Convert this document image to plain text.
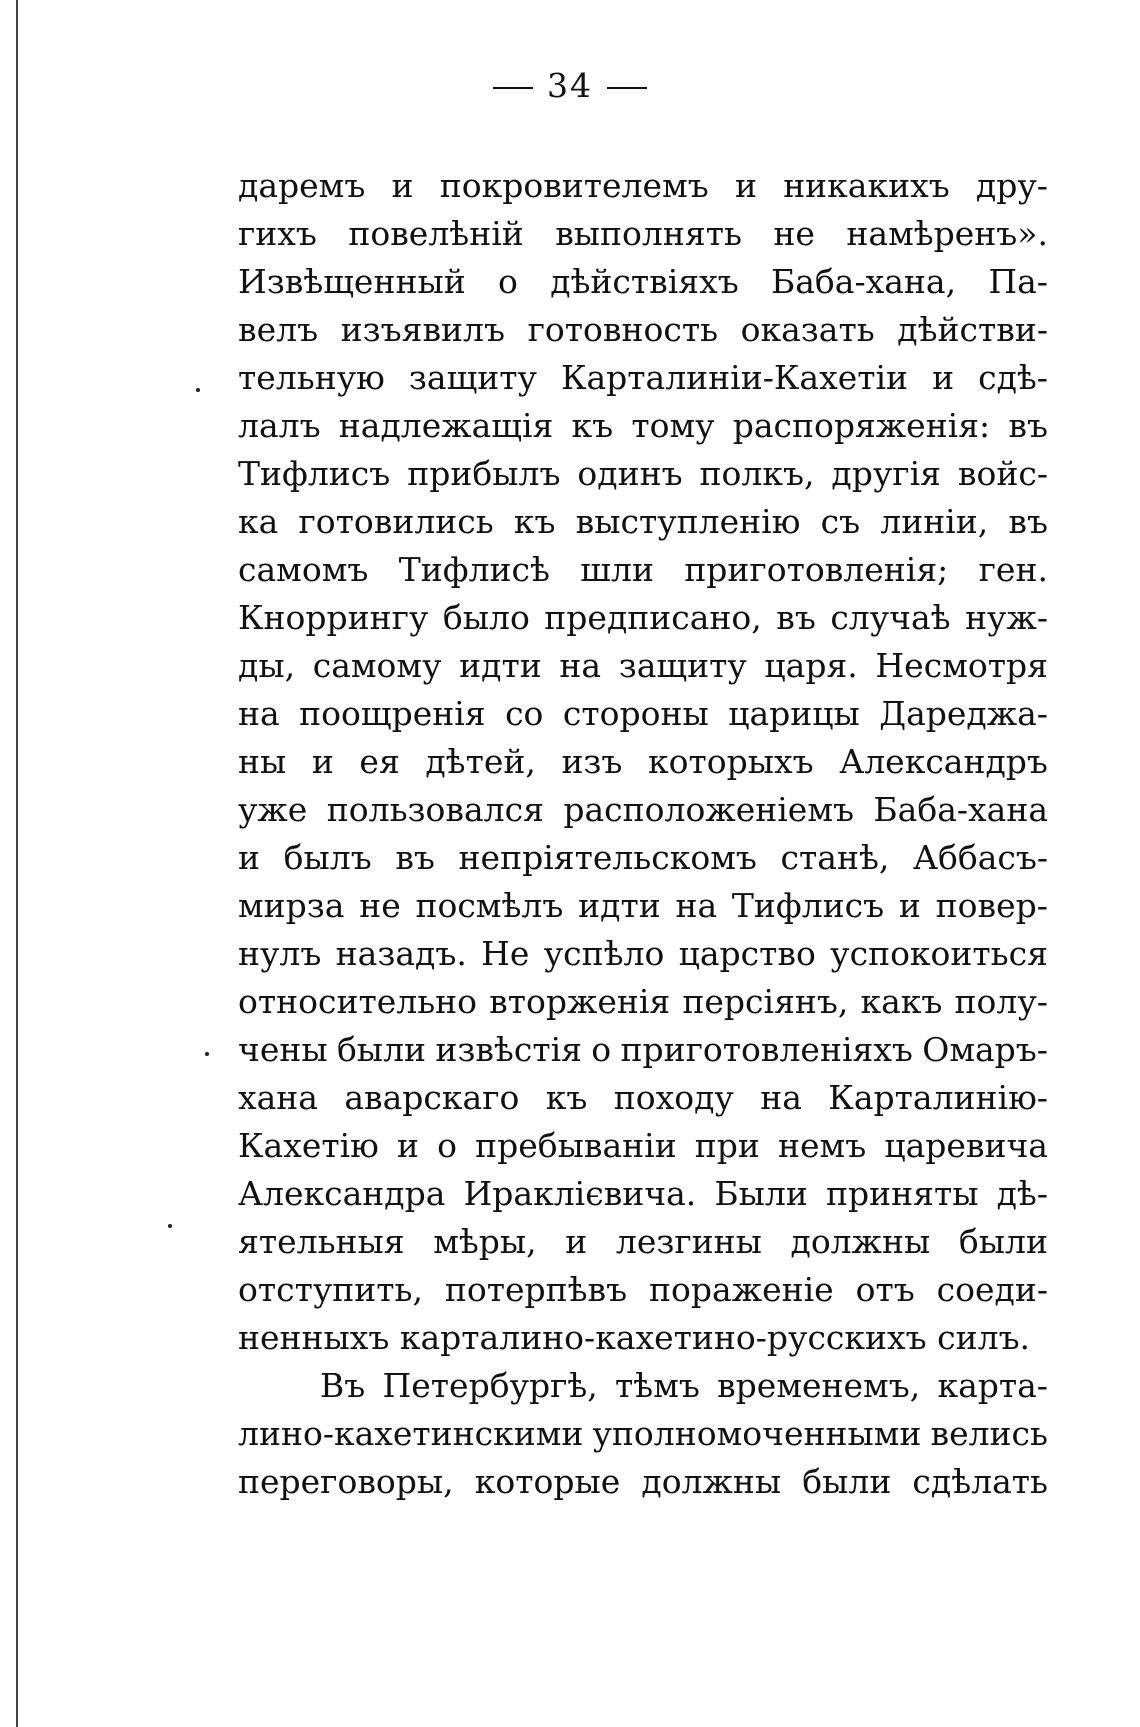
34
даремъ и покровителемъ и никакихъ дру-
гихъ повелѣній выполнять не намѣренъ».
Извѣщенный о дѣйствіяхъ Баба-хана, Па-
велъ изъявилъ готовность оказать дѣйстви-
тельную защиту Карталиніи-Кахетіи и сдѣ-
лалъ надлежащія къ тому распоряженія: въ
Тифлисъ прибылъ одинъ полкъ, другія войс-
ка готовились къ выступленію съ линіи, въ
самомъ Тифлисѣ шли приготовленія; ген.
Кноррингу было предписано, въ случаѣ нуж-
ды, самому идти на защиту царя. Несмотря
на поощренія со стороны царицы Дареджа-
ны и ея дѣтей, изъ которыхъ Александръ
уже пользовался расположеніемъ Баба-хана
и былъ въ непріятельскомъ станѣ, Аббасъ-
мирза не посмѣлъ идти на Тифлисъ и повер-
нулъ назадъ. Не успѣло царство успокоиться
относительно вторженія персіянъ, какъ полу-
чены были извѣстія о приготовленіяхъ Омаръ-
хана аварскаго къ походу на Карталинію-
Кахетію и о пребываніи при немъ царевича
Александра Ираклієвича. Были приняты дѣ-
ятельныя мѣры, и лезгины должны были
отступить, потерпѣвъ пораженіе отъ соеди-
ненныхъ карталино-кахетино-русскихъ силъ.
Въ Петербургѣ, тѣмъ временемъ, карта-
лино-кахетинскими уполномоченными велись
переговоры, которые должны были сдѣлать
